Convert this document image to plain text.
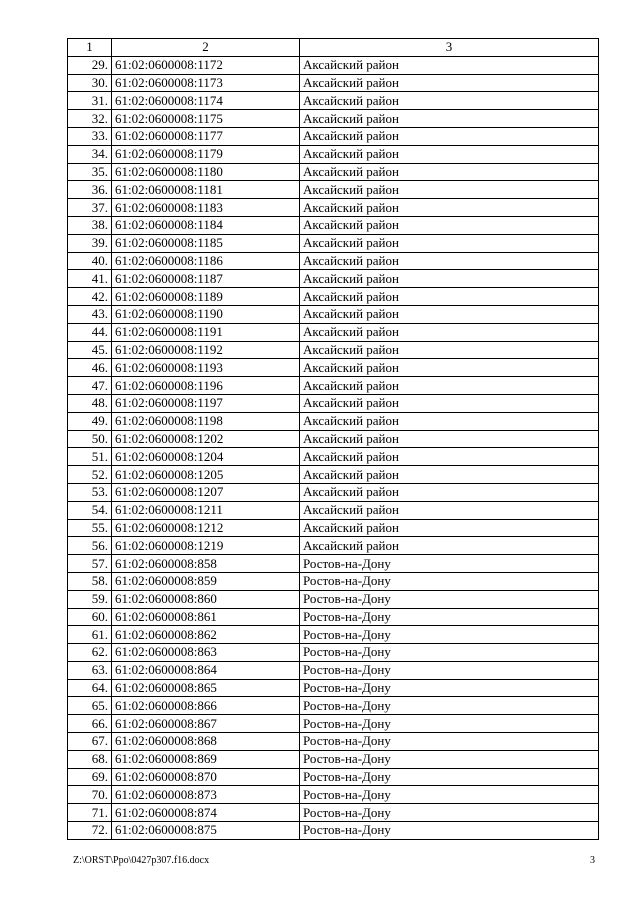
1	2	3
29.	61:02:0600008:1172	Аксайский район
30.	61:02:0600008:1173	Аксайский район
31.	61:02:0600008:1174	Аксайский район
32.	61:02:0600008:1175	Аксайский район
33.	61:02:0600008:1177	Аксайский район
34.	61:02:0600008:1179	Аксайский район
35.	61:02:0600008:1180	Аксайский район
36.	61:02:0600008:1181	Аксайский район
37.	61:02:0600008:1183	Аксайский район
38.	61:02:0600008:1184	Аксайский район
39.	61:02:0600008:1185	Аксайский район
40.	61:02:0600008:1186	Аксайский район
41.	61:02:0600008:1187	Аксайский район
42.	61:02:0600008:1189	Аксайский район
43.	61:02:0600008:1190	Аксайский район
44.	61:02:0600008:1191	Аксайский район
45.	61:02:0600008:1192	Аксайский район
46.	61:02:0600008:1193	Аксайский район
47.	61:02:0600008:1196	Аксайский район
48.	61:02:0600008:1197	Аксайский район
49.	61:02:0600008:1198	Аксайский район
50.	61:02:0600008:1202	Аксайский район
51.	61:02:0600008:1204	Аксайский район
52.	61:02:0600008:1205	Аксайский район
53.	61:02:0600008:1207	Аксайский район
54.	61:02:0600008:1211	Аксайский район
55.	61:02:0600008:1212	Аксайский район
56.	61:02:0600008:1219	Аксайский район
57.	61:02:0600008:858	Ростов-на-Дону
58.	61:02:0600008:859	Ростов-на-Дону
59.	61:02:0600008:860	Ростов-на-Дону
60.	61:02:0600008:861	Ростов-на-Дону
61.	61:02:0600008:862	Ростов-на-Дону
62.	61:02:0600008:863	Ростов-на-Дону
63.	61:02:0600008:864	Ростов-на-Дону
64.	61:02:0600008:865	Ростов-на-Дону
65.	61:02:0600008:866	Ростов-на-Дону
66.	61:02:0600008:867	Ростов-на-Дону
67.	61:02:0600008:868	Ростов-на-Дону
68.	61:02:0600008:869	Ростов-на-Дону
69.	61:02:0600008:870	Ростов-на-Дону
70.	61:02:0600008:873	Ростов-на-Дону
71.	61:02:0600008:874	Ростов-на-Дону
72.	61:02:0600008:875	Ростов-на-Дону
Z:\ORST\Ppo\0427p307.f16.docx	3
